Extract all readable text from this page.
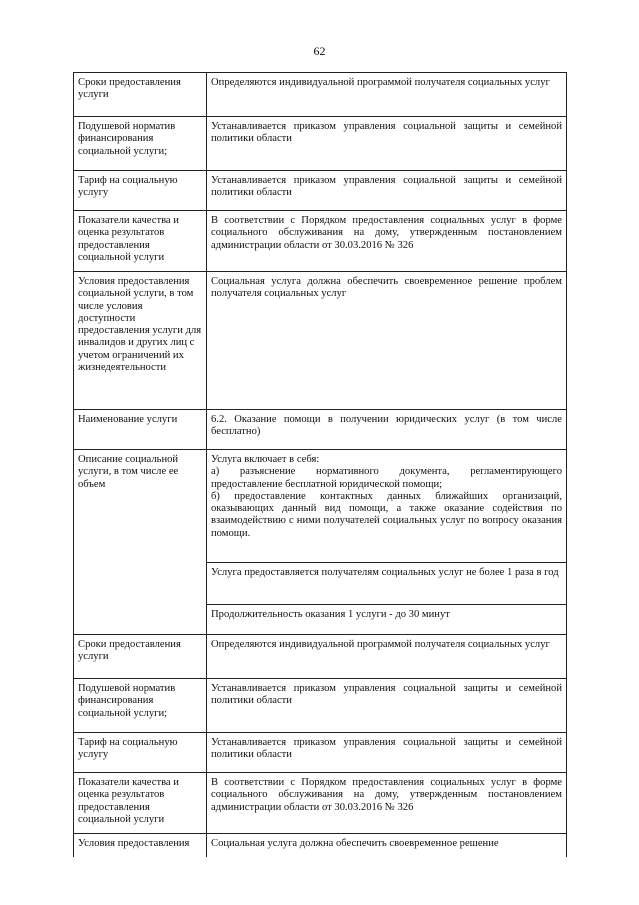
62
Сроки предоставления услуги	Определяются индивидуальной программой получателя социальных услуг
Подушевой норматив финансирования социальной услуги;	Устанавливается приказом управления социальной защиты и семейной политики области
Тариф на социальную услугу	Устанавливается приказом управления социальной защиты и семейной политики области
Показатели качества и оценка результатов предоставления социальной услуги	В соответствии с Порядком предоставления социальных услуг в форме социального обслуживания на дому, утвержденным постановлением администрации области от 30.03.2016 № 326
Условия предоставления социальной услуги, в том числе условия доступности предоставления услуги для инвалидов и других лиц с учетом ограничений их жизнедеятельности	Социальная услуга должна обеспечить своевременное решение проблем получателя социальных услуг
Наименование услуги	6.2. Оказание помощи в получении юридических услуг (в том числе бесплатно)
Описание социальной услуги, в том числе ее объем	Услуга включает в себя:
а) разъяснение нормативного документа, регламентирующего предоставление бесплатной юридической помощи;
б) предоставление контактных данных ближайших организаций, оказывающих данный вид помощи, а также оказание содействия по взаимодействию с ними получателей социальных услуг по вопросу оказания помощи.

	Услуга предоставляется получателям социальных услуг не более 1 раза в год
	Продолжительность оказания 1 услуги - до 30 минут
Сроки предоставления услуги	Определяются индивидуальной программой получателя социальных услуг
Подушевой норматив финансирования социальной услуги;	Устанавливается приказом управления социальной защиты и семейной политики области
Тариф на социальную услугу	Устанавливается приказом управления социальной защиты и семейной политики области
Показатели качества и оценка результатов предоставления социальной услуги	В соответствии с Порядком предоставления социальных услуг в форме социального обслуживания на дому, утвержденным постановлением администрации области от 30.03.2016 № 326
Условия предоставления	Социальная услуга должна обеспечить своевременное решение
